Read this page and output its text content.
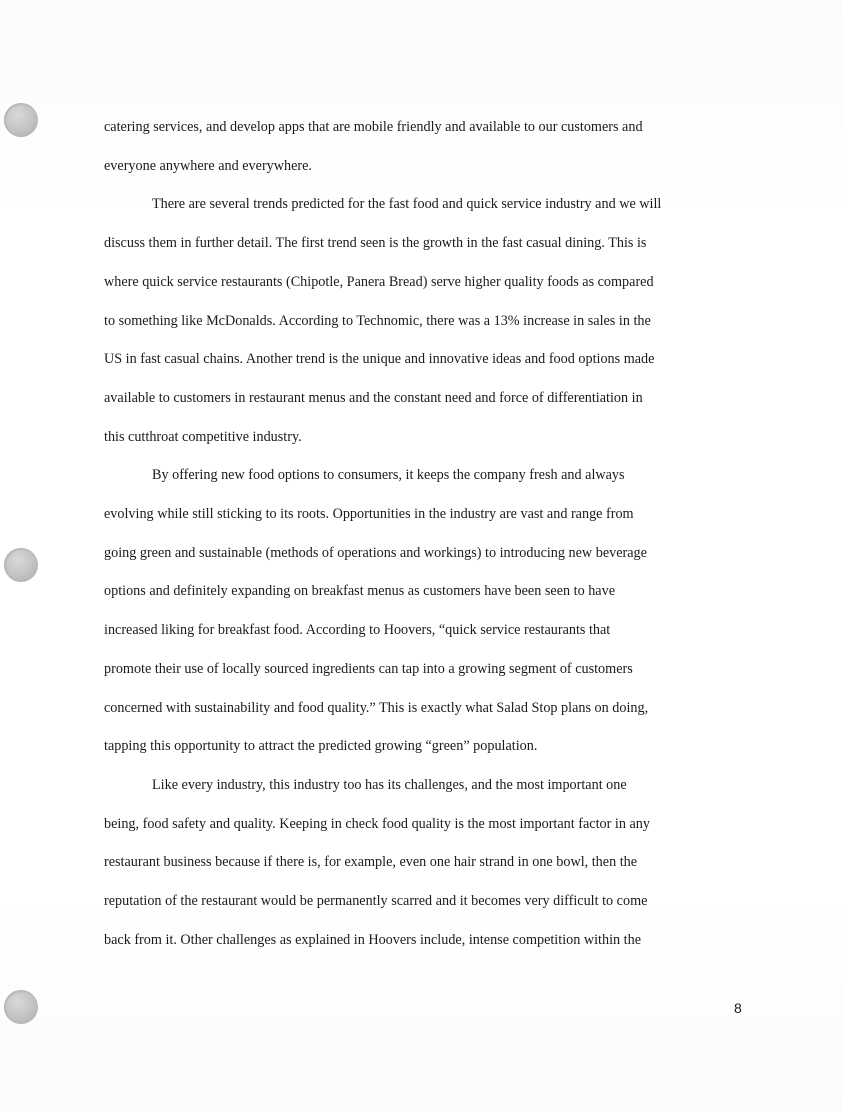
catering services, and develop apps that are mobile friendly and available to our customers and
everyone anywhere and everywhere.
There are several trends predicted for the fast food and quick service industry and we will
discuss them in further detail. The first trend seen is the growth in the fast casual dining. This is
where quick service restaurants (Chipotle, Panera Bread) serve higher quality foods as compared
to something like McDonalds. According to Technomic, there was a 13% increase in sales in the
US in fast casual chains. Another trend is the unique and innovative ideas and food options made
available to customers in restaurant menus and the constant need and force of differentiation in
this cutthroat competitive industry.
By offering new food options to consumers, it keeps the company fresh and always
evolving while still sticking to its roots. Opportunities in the industry are vast and range from
going green and sustainable (methods of operations and workings) to introducing new beverage
options and definitely expanding on breakfast menus as customers have been seen to have
increased liking for breakfast food. According to Hoovers, “quick service restaurants that
promote their use of locally sourced ingredients can tap into a growing segment of customers
concerned with sustainability and food quality.” This is exactly what Salad Stop plans on doing,
tapping this opportunity to attract the predicted growing “green” population.
Like every industry, this industry too has its challenges, and the most important one
being, food safety and quality. Keeping in check food quality is the most important factor in any
restaurant business because if there is, for example, even one hair strand in one bowl, then the
reputation of the restaurant would be permanently scarred and it becomes very difficult to come
back from it. Other challenges as explained in Hoovers include, intense competition within the
8
